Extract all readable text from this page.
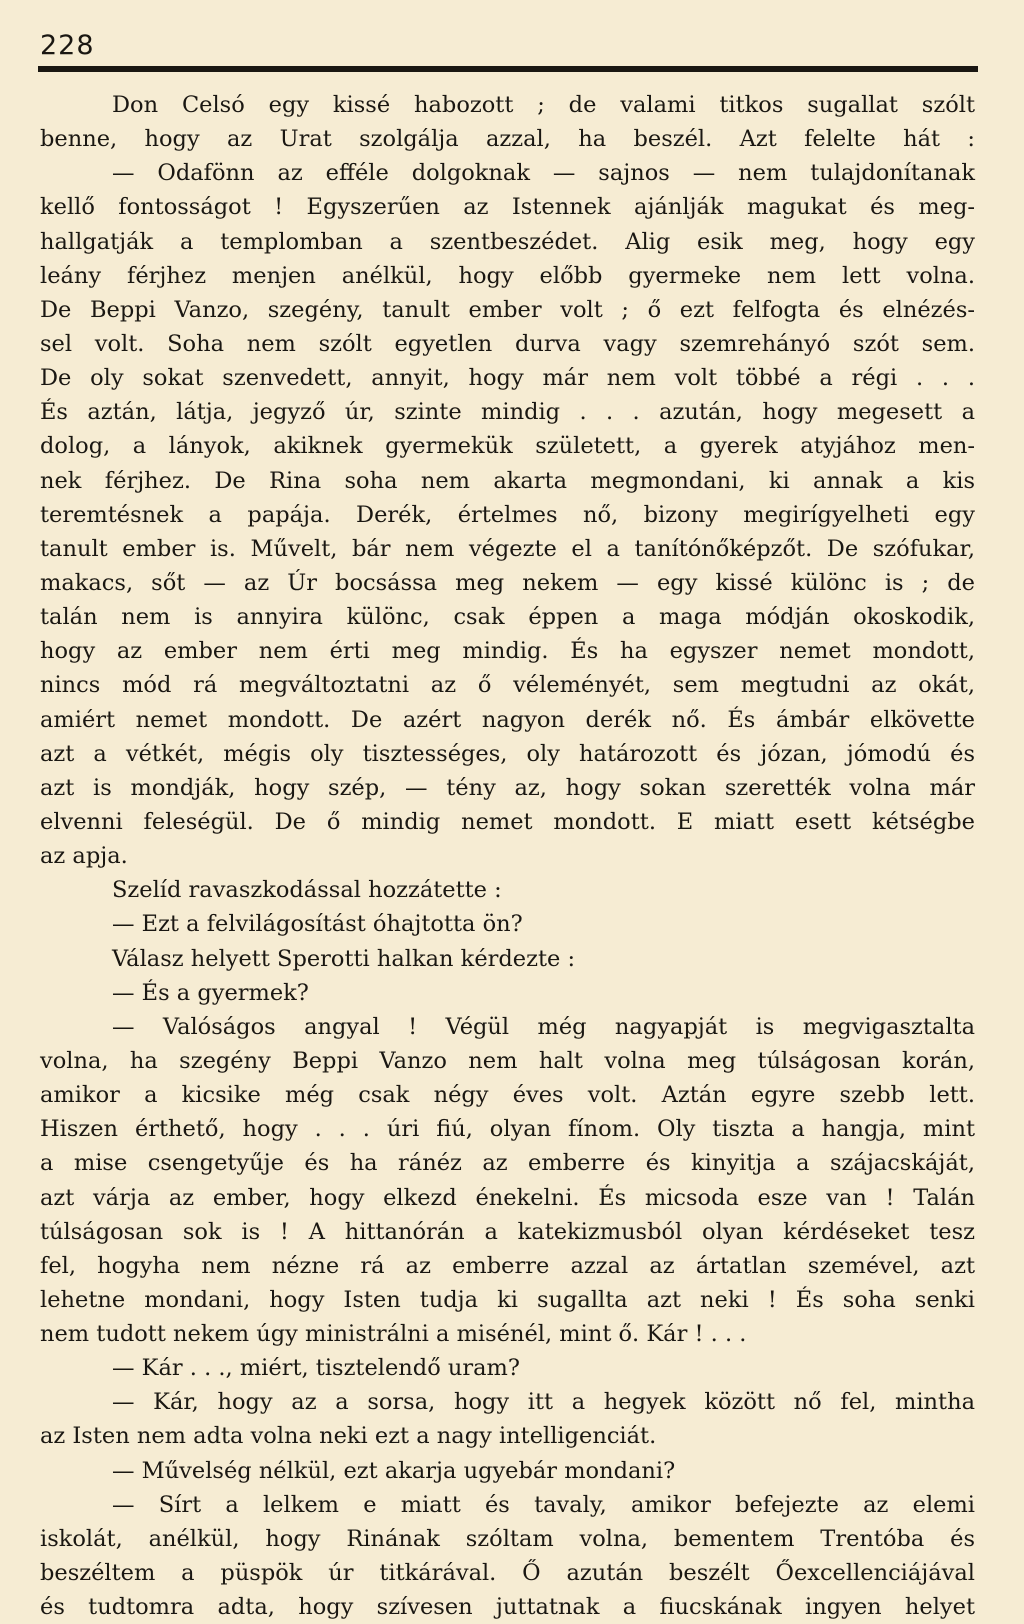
228
Don Celsó egy kissé habozott ; de valami titkos sugallat szólt
benne, hogy az Urat szolgálja azzal, ha beszél. Azt felelte hát :
— Odafönn az efféle dolgoknak — sajnos — nem tulajdonítanak
kellő fontosságot ! Egyszerűen az Istennek ajánlják magukat és meg-
hallgatják a templomban a szentbeszédet. Alig esik meg, hogy egy
leány férjhez menjen anélkül, hogy előbb gyermeke nem lett volna.
De Beppi Vanzo, szegény, tanult ember volt ; ő ezt felfogta és elnézés-
sel volt. Soha nem szólt egyetlen durva vagy szemrehányó szót sem.
De oly sokat szenvedett, annyit, hogy már nem volt többé a régi . . .
És aztán, látja, jegyző úr, szinte mindig . . . azután, hogy megesett a
dolog, a lányok, akiknek gyermekük született, a gyerek atyjához men-
nek férjhez. De Rina soha nem akarta megmondani, ki annak a kis
teremtésnek a papája. Derék, értelmes nő, bizony megirígyelheti egy
tanult ember is. Művelt, bár nem végezte el a tanítónőképzőt. De szófukar,
makacs, sőt — az Úr bocsássa meg nekem — egy kissé különc is ; de
talán nem is annyira különc, csak éppen a maga módján okoskodik,
hogy az ember nem érti meg mindig. És ha egyszer nemet mondott,
nincs mód rá megváltoztatni az ő véleményét, sem megtudni az okát,
amiért nemet mondott. De azért nagyon derék nő. És ámbár elkövette
azt a vétkét, mégis oly tisztességes, oly határozott és józan, jómodú és
azt is mondják, hogy szép, — tény az, hogy sokan szerették volna már
elvenni feleségül. De ő mindig nemet mondott. E miatt esett kétségbe
az apja.
Szelíd ravaszkodással hozzátette :
— Ezt a felvilágosítást óhajtotta ön?
Válasz helyett Sperotti halkan kérdezte :
— És a gyermek?
— Valóságos angyal ! Végül még nagyapját is megvigasztalta
volna, ha szegény Beppi Vanzo nem halt volna meg túlságosan korán,
amikor a kicsike még csak négy éves volt. Aztán egyre szebb lett.
Hiszen érthető, hogy . . . úri fiú, olyan fínom. Oly tiszta a hangja, mint
a mise csengetyűje és ha ránéz az emberre és kinyitja a szájacskáját,
azt várja az ember, hogy elkezd énekelni. És micsoda esze van ! Talán
túlságosan sok is ! A hittanórán a katekizmusból olyan kérdéseket tesz
fel, hogyha nem nézne rá az emberre azzal az ártatlan szemével, azt
lehetne mondani, hogy Isten tudja ki sugallta azt neki ! És soha senki
nem tudott nekem úgy ministrálni a misénél, mint ő. Kár ! . . .
— Kár . . ., miért, tisztelendő uram?
— Kár, hogy az a sorsa, hogy itt a hegyek között nő fel, mintha
az Isten nem adta volna neki ezt a nagy intelligenciát.
— Művelség nélkül, ezt akarja ugyebár mondani?
— Sírt a lelkem e miatt és tavaly, amikor befejezte az elemi
iskolát, anélkül, hogy Rinának szóltam volna, bementem Trentóba és
beszéltem a püspök úr titkárával. Ő azután beszélt Őexcellenciájával
és tudtomra adta, hogy szívesen juttatnak a fiucskának ingyen helyet
